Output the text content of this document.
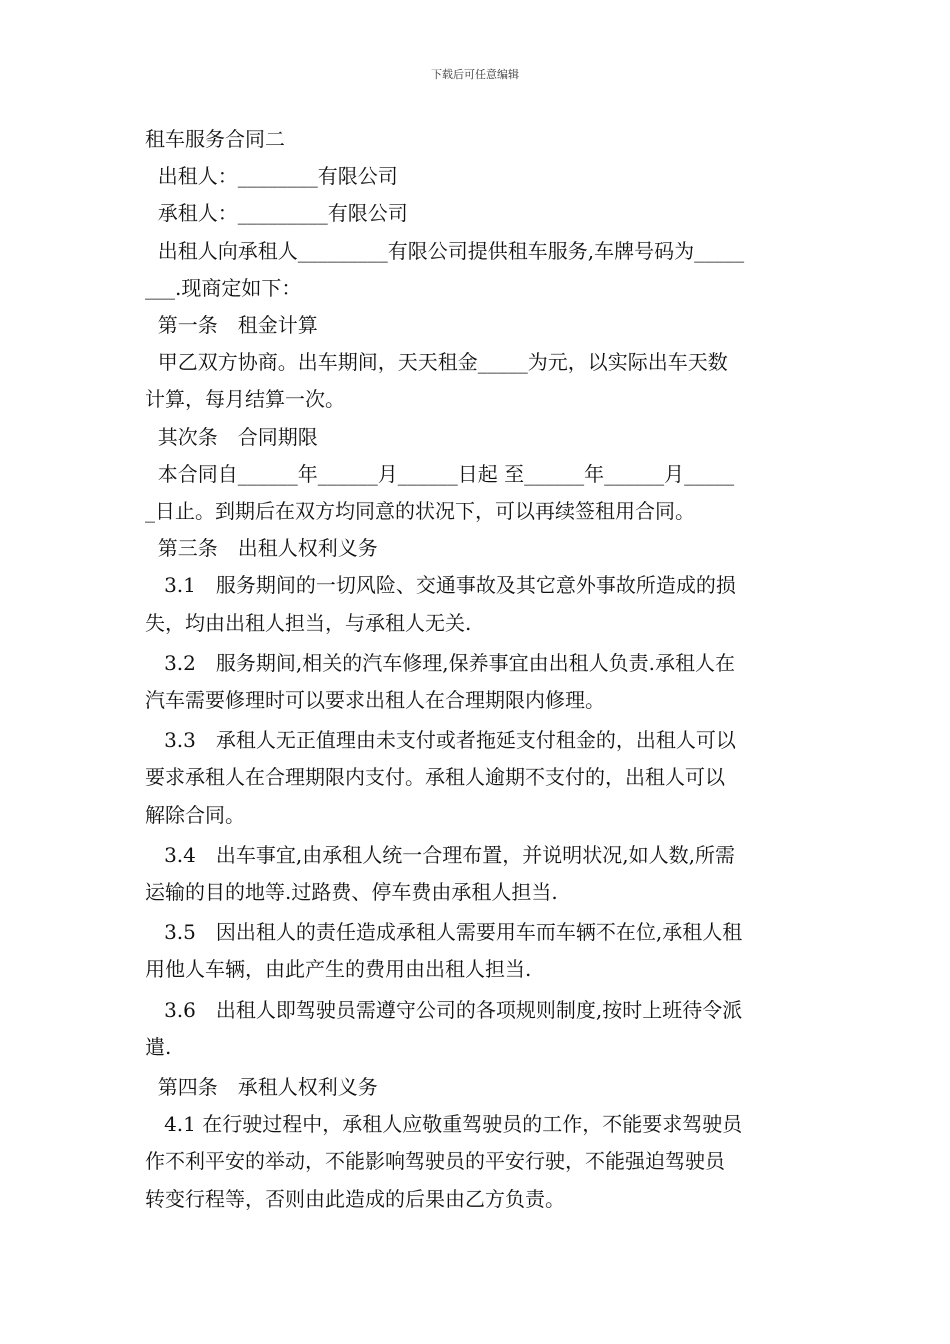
下载后可任意编辑
租车服务合同二
出租人：________有限公司
承租人：_________有限公司
出租人向承租人_________有限公司提供租车服务,车牌号码为_____
___.现商定如下：
第一条　租金计算
甲乙双方协商。出车期间，天天租金_____为元，以实际出车天数
计算，每月结算一次。
其次条　合同期限
本合同自______年______月______日起 至______年______月_____
_日止。到期后在双方均同意的状况下，可以再续签租用合同。
第三条　出租人权利义务
3.1　服务期间的一切风险、交通事故及其它意外事故所造成的损
失，均由出租人担当，与承租人无关.
3.2　服务期间,相关的汽车修理,保养事宜由出租人负责.承租人在
汽车需要修理时可以要求出租人在合理期限内修理。
3.3　承租人无正值理由未支付或者拖延支付租金的，出租人可以
要求承租人在合理期限内支付。承租人逾期不支付的，出租人可以
解除合同。
3.4　出车事宜,由承租人统一合理布置，并说明状况,如人数,所需
运输的目的地等.过路费、停车费由承租人担当.
3.5　因出租人的责任造成承租人需要用车而车辆不在位,承租人租
用他人车辆，由此产生的费用由出租人担当.
3.6　出租人即驾驶员需遵守公司的各项规则制度,按时上班待令派
遣.
第四条　承租人权利义务
4.1 在行驶过程中，承租人应敬重驾驶员的工作，不能要求驾驶员
作不利平安的举动，不能影响驾驶员的平安行驶，不能强迫驾驶员
转变行程等，否则由此造成的后果由乙方负责。
